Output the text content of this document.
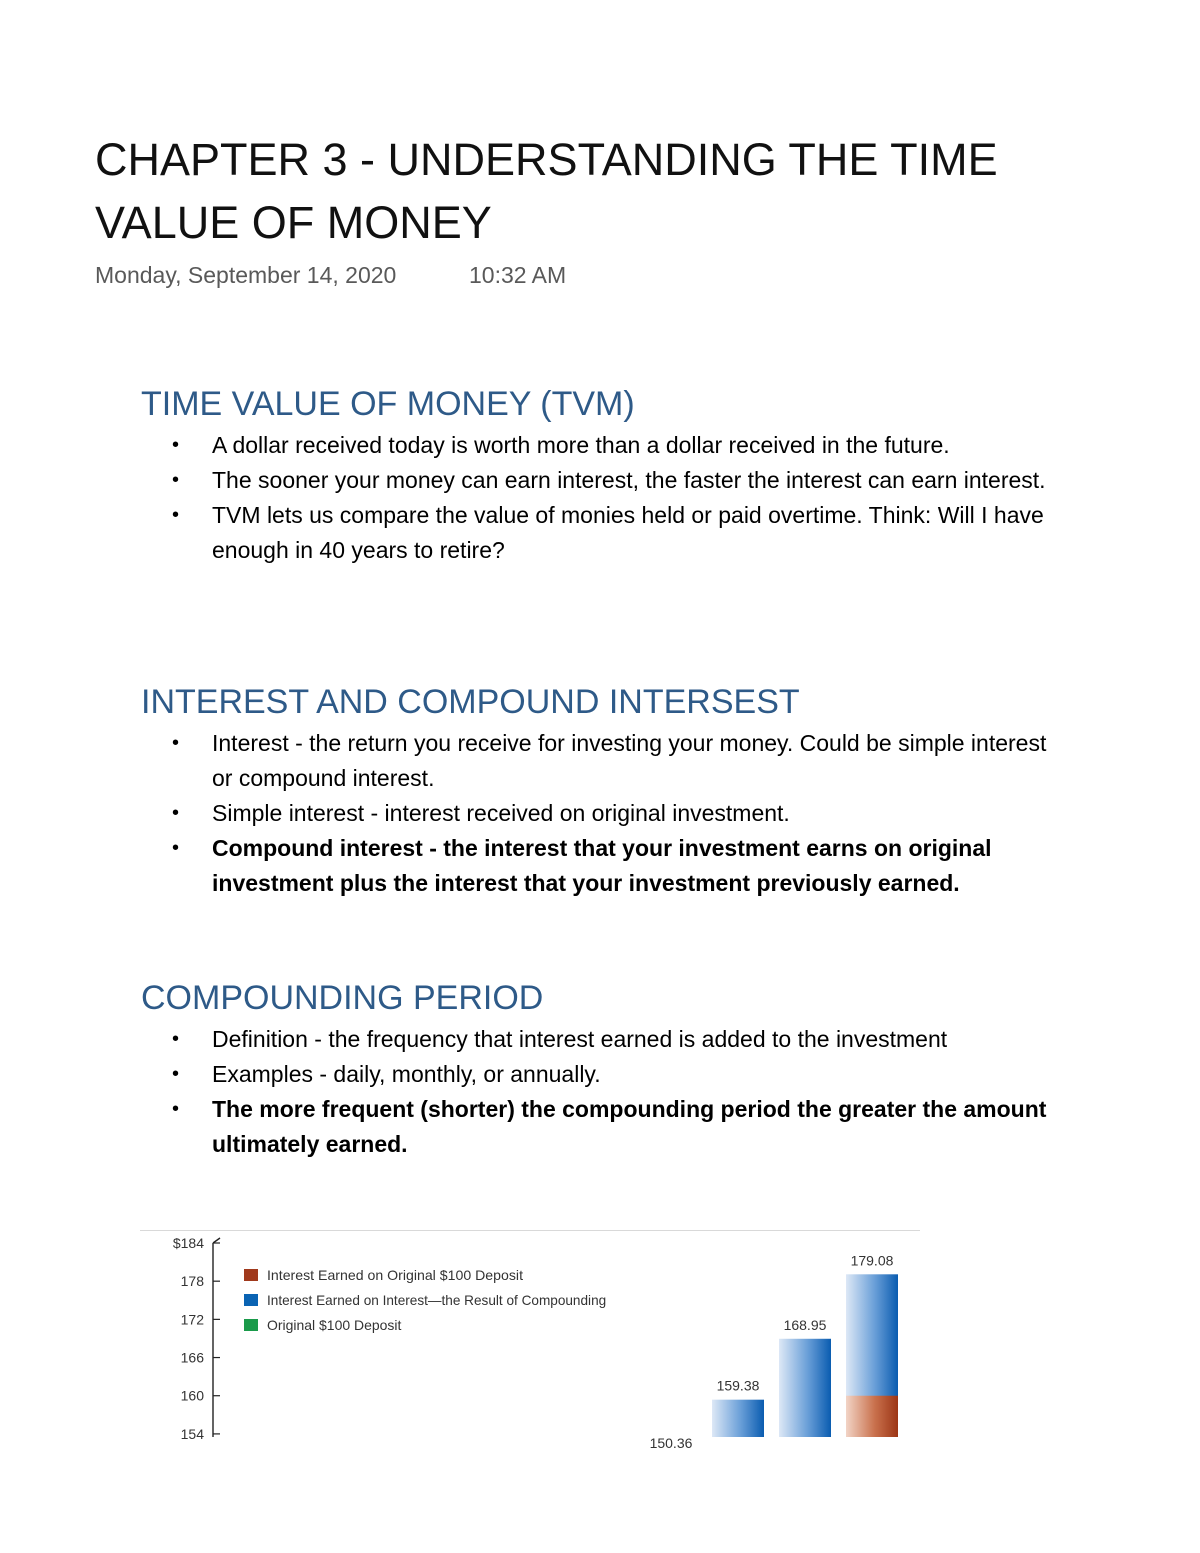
CHAPTER 3 - UNDERSTANDING THE TIME VALUE OF MONEY
Monday, September 14, 2020	10:32 AM
TIME VALUE OF MONEY (TVM)
• A dollar received today is worth more than a dollar received in the future.
• The sooner your money can earn interest, the faster the interest can earn interest.
• TVM lets us compare the value of monies held or paid overtime. Think: Will I have enough in 40 years to retire?
INTEREST AND COMPOUND INTERSEST
• Interest - the return you receive for investing your money. Could be simple interest or compound interest.
• Simple interest - interest received on original investment.
• Compound interest - the interest that your investment earns on original investment plus the interest that your investment previously earned.
COMPOUNDING PERIOD
• Definition - the frequency that interest earned is added to the investment
• Examples - daily, monthly, or annually.
• The more frequent (shorter) the compounding period the greater the amount ultimately earned.
$184
178
172
166
160
154
Interest Earned on Original $100 Deposit
Interest Earned on Interest—the Result of Compounding
Original $100 Deposit
150.36
159.38
168.95
179.08
